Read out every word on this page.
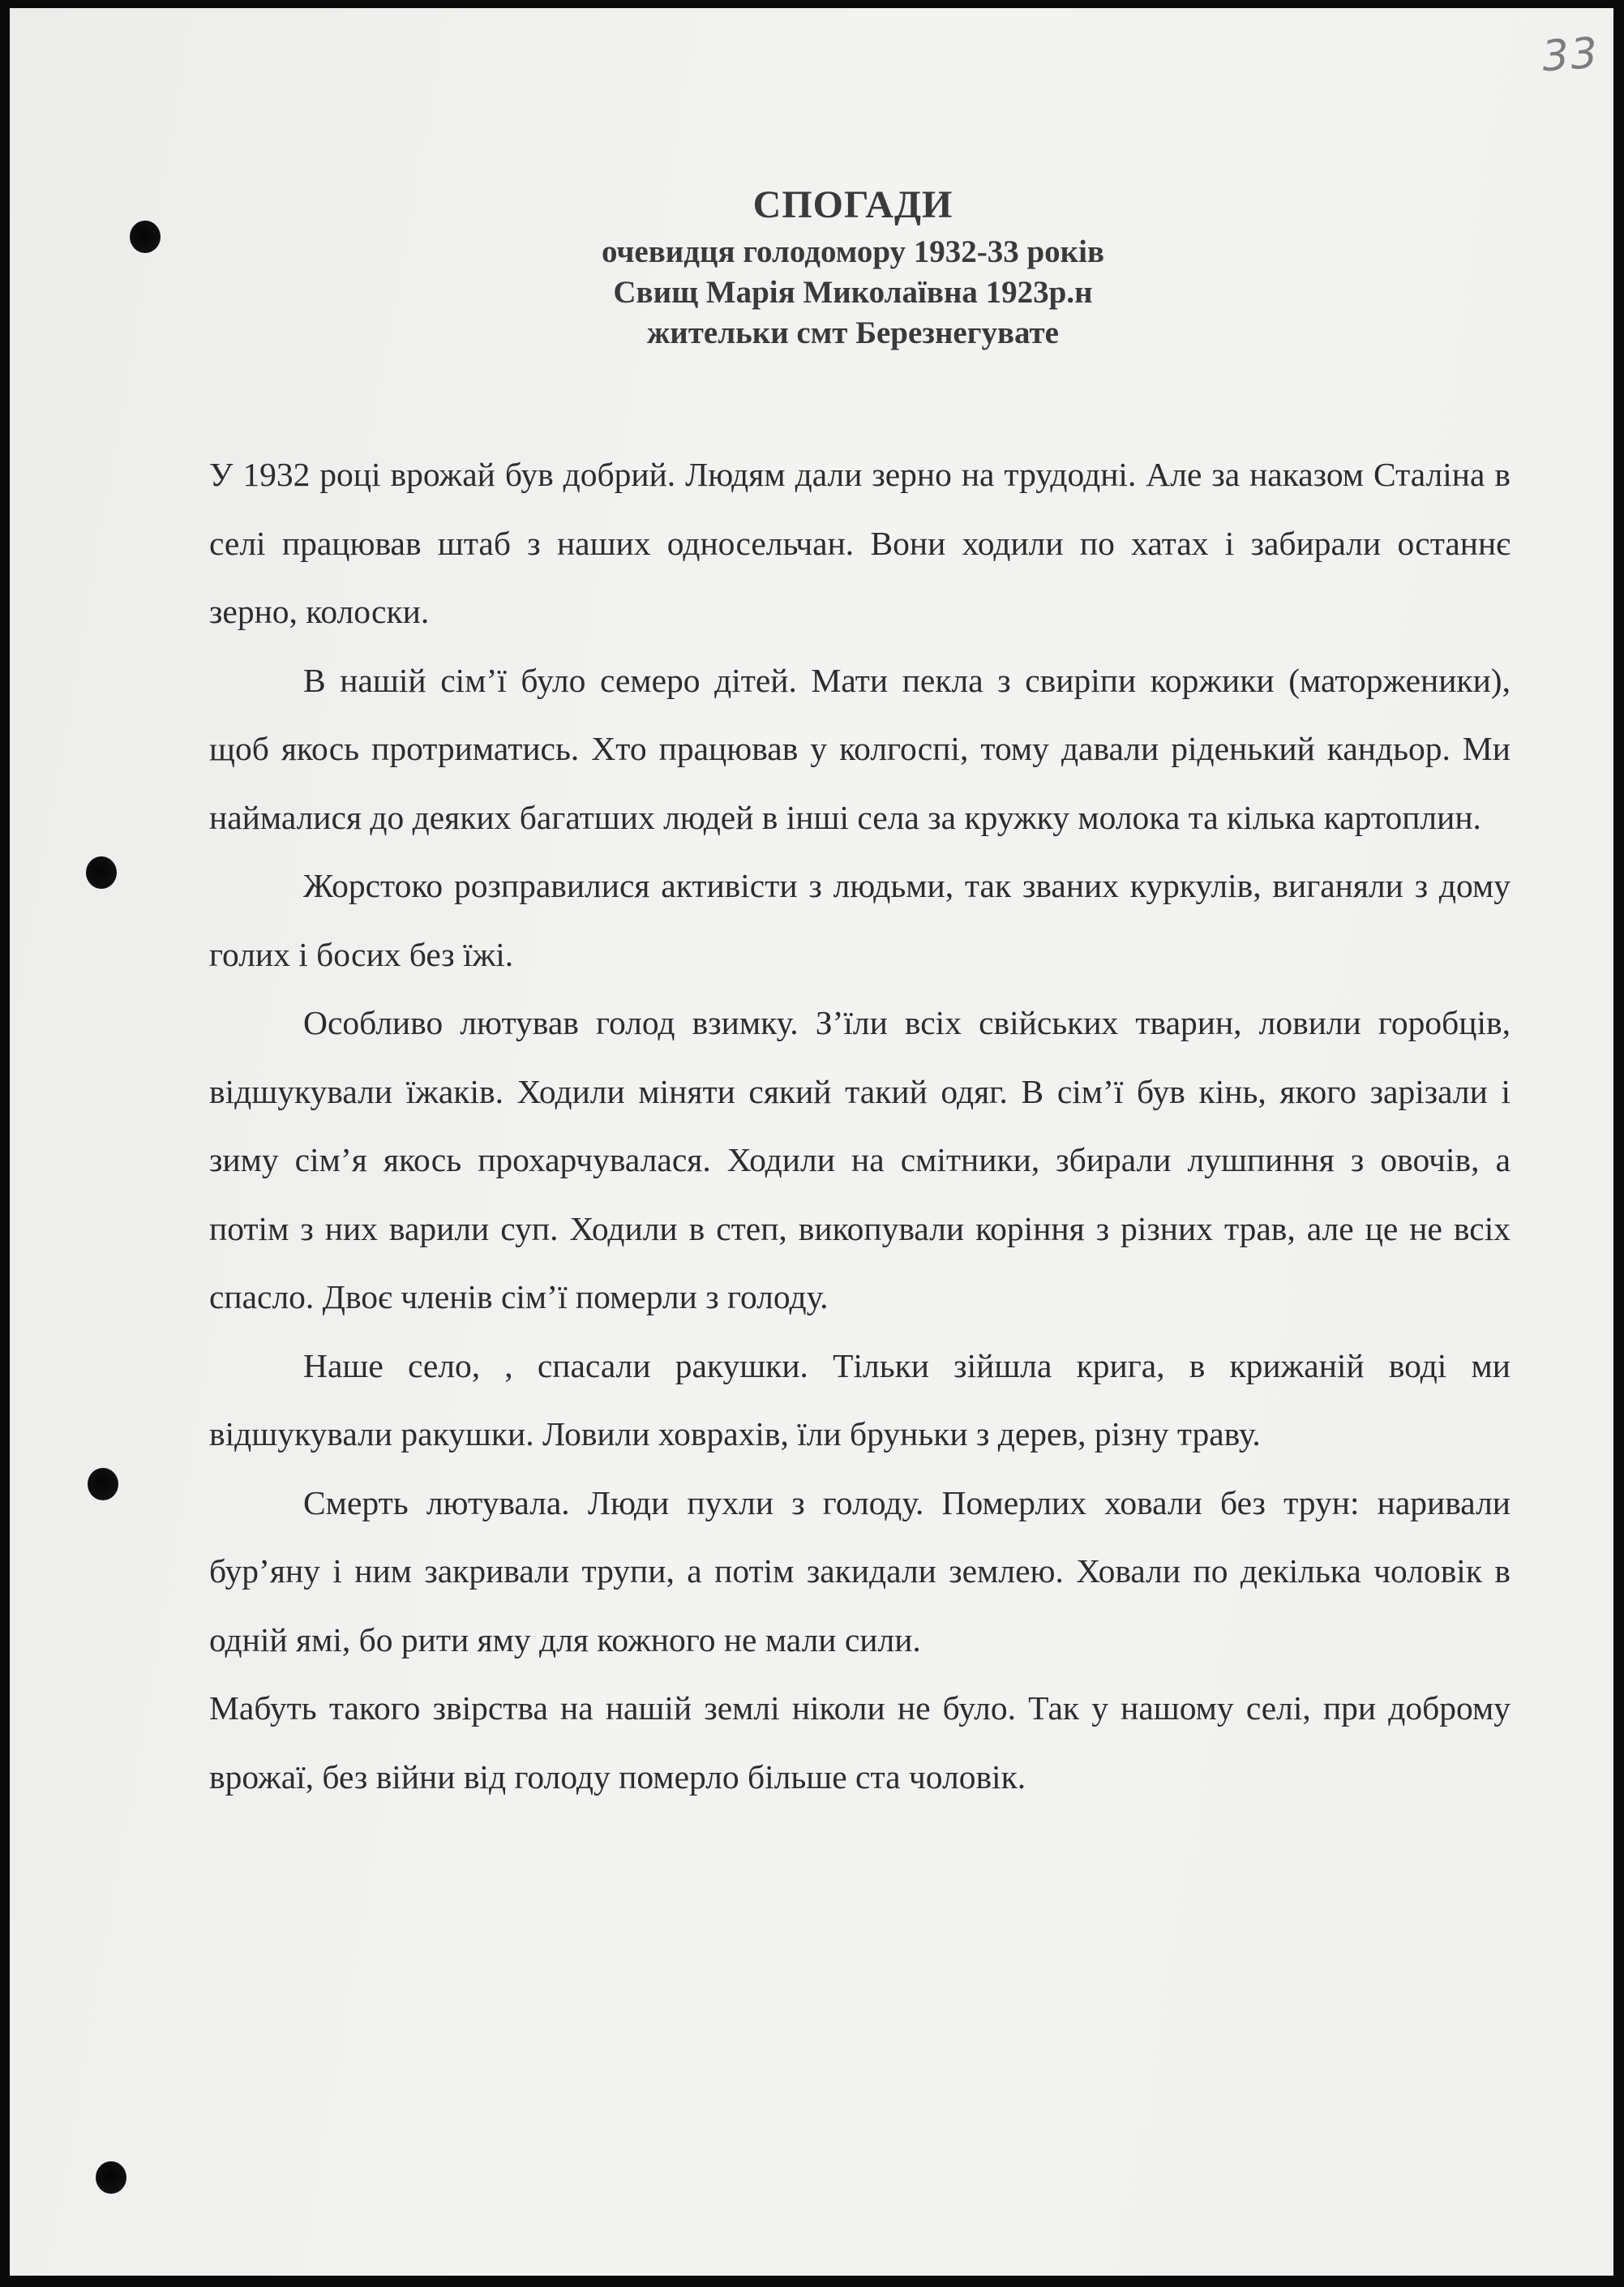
33
СПОГАДИ
очевидця голодомору 1932-33 років
Свищ Марія Миколаївна 1923р.н
жительки смт Березнегувате

У 1932 році врожай був добрий. Людям дали зерно на трудодні. Але за наказом Сталіна в селі працював штаб з наших односельчан. Вони ходили по хатах і забирали останнє зерно, колоски.

В нашій сім’ї було семеро дітей. Мати пекла з свиріпи коржики (маторженики), щоб якось протриматись. Хто працював у колгоспі, тому давали ріденький кандьор. Ми наймалися до деяких багатших людей в інші села за кружку молока та кілька картоплин.

Жорстоко розправилися активісти з людьми, так званих куркулів, виганяли з дому голих і босих без їжі.

Особливо лютував голод взимку. З’їли всіх свійських тварин, ловили горобців, відшукували їжаків. Ходили міняти сякий такий одяг. В сім’ї був кінь, якого зарізали і зиму сім’я якось прохарчувалася. Ходили на смітники, збирали лушпиння з овочів, а потім з них варили суп. Ходили в степ, викопували коріння з різних трав, але це не всіх спасло. Двоє членів сім’ї померли з голоду.

Наше село, , спасали ракушки. Тільки зійшла крига, в крижаній воді ми відшукували ракушки. Ловили ховрахів, їли бруньки з дерев, різну траву.

Смерть лютувала. Люди пухли з голоду. Померлих ховали без трун: наривали бур’яну і ним закривали трупи, а потім закидали землею. Ховали по декілька чоловік в одній ямі, бо рити яму для кожного не мали сили.

Мабуть такого звірства на нашій землі ніколи не було. Так у нашому селі, при доброму врожаї, без війни від голоду померло більше ста чоловік.
